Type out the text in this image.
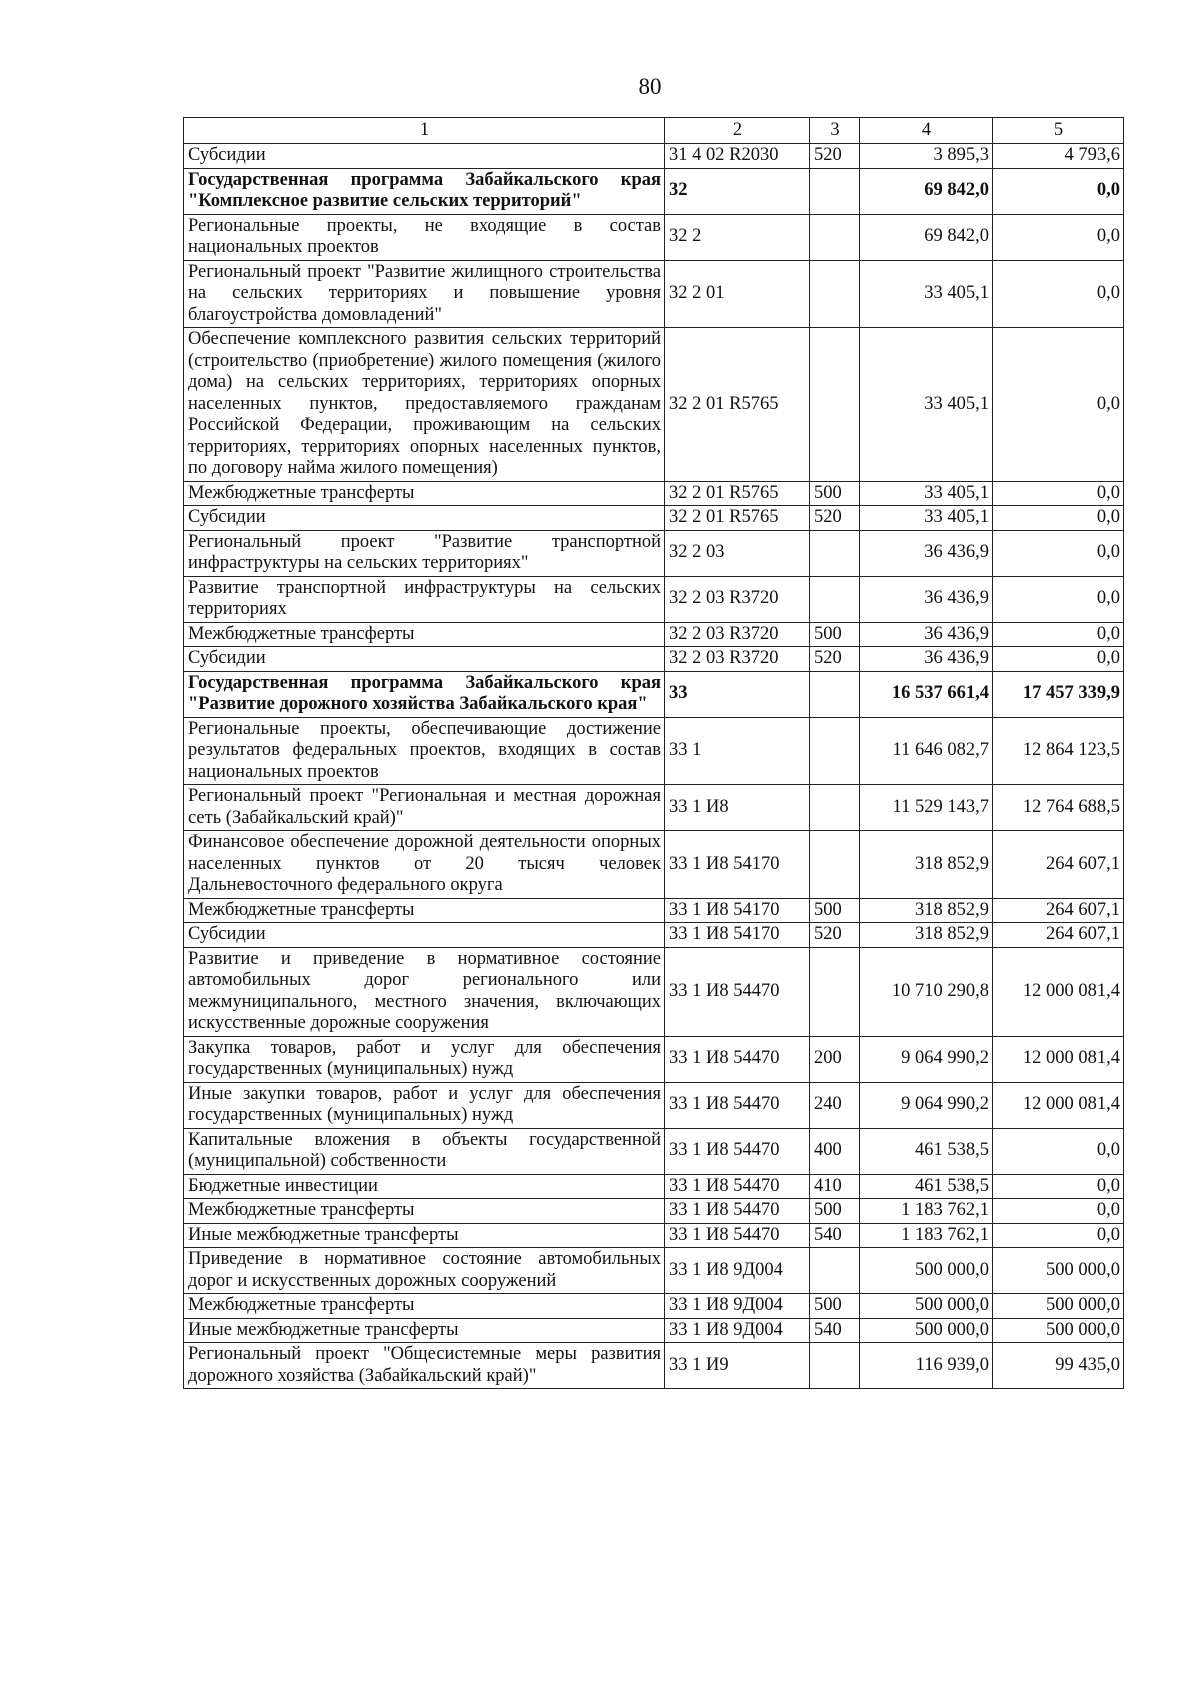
80
1	2	3	4	5
Субсидии	31 4 02 R2030	520	3 895,3	4 793,6
Государственная программа Забайкальского края "Комплексное развитие сельских территорий"	32		69 842,0	0,0
Региональные проекты, не входящие в состав национальных проектов	32 2		69 842,0	0,0
Региональный проект "Развитие жилищного строительства на сельских территориях и повышение уровня благоустройства домовладений"	32 2 01		33 405,1	0,0
Обеспечение комплексного развития сельских территорий (строительство (приобретение) жилого помещения (жилого дома) на сельских территориях, территориях опорных населенных пунктов, предоставляемого гражданам Российской Федерации, проживающим на сельских территориях, территориях опорных населенных пунктов, по договору найма жилого помещения)	32 2 01 R5765		33 405,1	0,0
Межбюджетные трансферты	32 2 01 R5765	500	33 405,1	0,0
Субсидии	32 2 01 R5765	520	33 405,1	0,0
Региональный проект "Развитие транспортной инфраструктуры на сельских территориях"	32 2 03		36 436,9	0,0
Развитие транспортной инфраструктуры на сельских территориях	32 2 03 R3720		36 436,9	0,0
Межбюджетные трансферты	32 2 03 R3720	500	36 436,9	0,0
Субсидии	32 2 03 R3720	520	36 436,9	0,0
Государственная программа Забайкальского края "Развитие дорожного хозяйства Забайкальского края"	33		16 537 661,4	17 457 339,9
Региональные проекты, обеспечивающие достижение результатов федеральных проектов, входящих в состав национальных проектов	33 1		11 646 082,7	12 864 123,5
Региональный проект "Региональная и местная дорожная сеть (Забайкальский край)"	33 1 И8		11 529 143,7	12 764 688,5
Финансовое обеспечение дорожной деятельности опорных населенных пунктов от 20 тысяч человек Дальневосточного федерального округа	33 1 И8 54170		318 852,9	264 607,1
Межбюджетные трансферты	33 1 И8 54170	500	318 852,9	264 607,1
Субсидии	33 1 И8 54170	520	318 852,9	264 607,1
Развитие и приведение в нормативное состояние автомобильных дорог регионального или межмуниципального, местного значения, включающих искусственные дорожные сооружения	33 1 И8 54470		10 710 290,8	12 000 081,4
Закупка товаров, работ и услуг для обеспечения государственных (муниципальных) нужд	33 1 И8 54470	200	9 064 990,2	12 000 081,4
Иные закупки товаров, работ и услуг для обеспечения государственных (муниципальных) нужд	33 1 И8 54470	240	9 064 990,2	12 000 081,4
Капитальные вложения в объекты государственной (муниципальной) собственности	33 1 И8 54470	400	461 538,5	0,0
Бюджетные инвестиции	33 1 И8 54470	410	461 538,5	0,0
Межбюджетные трансферты	33 1 И8 54470	500	1 183 762,1	0,0
Иные межбюджетные трансферты	33 1 И8 54470	540	1 183 762,1	0,0
Приведение в нормативное состояние автомобильных дорог и искусственных дорожных сооружений	33 1 И8 9Д004		500 000,0	500 000,0
Межбюджетные трансферты	33 1 И8 9Д004	500	500 000,0	500 000,0
Иные межбюджетные трансферты	33 1 И8 9Д004	540	500 000,0	500 000,0
Региональный проект "Общесистемные меры развития дорожного хозяйства (Забайкальский край)"	33 1 И9		116 939,0	99 435,0
